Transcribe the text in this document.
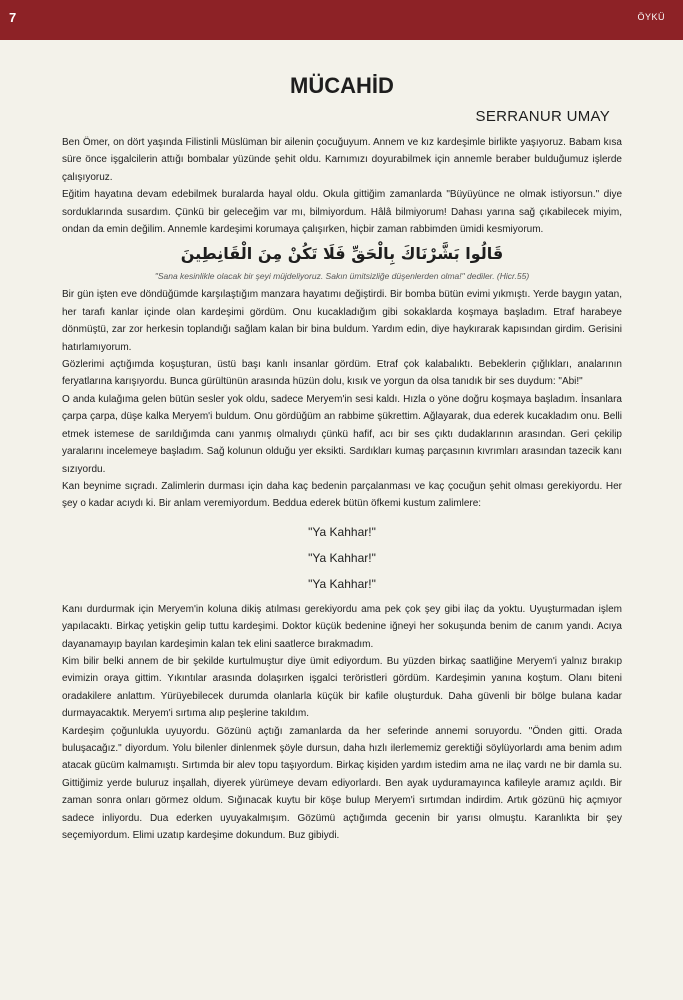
7	ÖYKÜ
MÜCAHİD
SERRANUR UMAY

Ben Ömer, on dört yaşında Filistinli Müslüman bir ailenin çocuğuyum. Annem ve kız kardeşimle birlikte yaşıyoruz. Babam kısa süre önce işgalcilerin attığı bombalar yüzünde şehit oldu. Karnımızı doyurabilmek için annemle beraber bulduğumuz işlerde çalışıyoruz.

Eğitim hayatına devam edebilmek buralarda hayal oldu. Okula gittiğim zamanlarda "Büyüyünce ne olmak istiyorsun." diye sorduklarında susardım. Çünkü bir geleceğim var mı, bilmiyordum. Hâlâ bilmiyorum! Dahası yarına sağ çıkabilecek miyim, ondan da emin değilim. Annemle kardeşimi korumaya çalışırken, hiçbir zaman rabbimden ümidi kesmiyorum.

قَالُوا بَشَّرْنَاكَ بِالْحَقِّ فَلَا تَكُنْ مِنَ الْقَانِطِينَ
"Sana kesinlikle olacak bir şeyi müjdeliyoruz. Sakın ümitsizliğe düşenlerden olma!" dediler. (Hicr.55)

Bir gün işten eve döndüğümde karşılaştığım manzara hayatımı değiştirdi. Bir bomba bütün evimi yıkmıştı. Yerde baygın yatan, her tarafı kanlar içinde olan kardeşimi gördüm. Onu kucakladığım gibi sokaklarda koşmaya başladım. Etraf harabeye dönmüştü, zar zor herkesin toplandığı sağlam kalan bir bina buldum. Yardım edin, diye haykırarak kapısından girdim. Gerisini hatırlamıyorum.

Gözlerimi açtığımda koşuşturan, üstü başı kanlı insanlar gördüm. Etraf çok kalabalıktı. Bebeklerin çığlıkları, analarının feryatlarına karışıyordu. Bunca gürültünün arasında hüzün dolu, kısık ve yorgun da olsa tanıdık bir ses duydum: "Abi!"

O anda kulağıma gelen bütün sesler yok oldu, sadece Meryem'in sesi kaldı. Hızla o yöne doğru koşmaya başladım. İnsanlara çarpa çarpa, düşe kalka Meryem'i buldum. Onu gördüğüm an rabbime şükrettim. Ağlayarak, dua ederek kucakladım onu. Belli etmek istemese de sarıldığımda canı yanmış olmalıydı çünkü hafif, acı bir ses çıktı dudaklarının arasından. Geri çekilip yaralarını incelemeye başladım. Sağ kolunun olduğu yer eksikti. Sardıkları kumaş parçasının kıvrımları arasından tazecik kanı sızıyordu.

Kan beynime sıçradı. Zalimlerin durması için daha kaç bedenin parçalanması ve kaç çocuğun şehit olması gerekiyordu. Her şey o kadar acıydı ki. Bir anlam veremiyordum. Beddua ederek bütün öfkemi kustum zalimlere:

"Ya Kahhar!"

"Ya Kahhar!"

"Ya Kahhar!"

Kanı durdurmak için Meryem'in koluna dikiş atılması gerekiyordu ama pek çok şey gibi ilaç da yoktu. Uyuşturmadan işlem yapılacaktı. Birkaç yetişkin gelip tuttu kardeşimi. Doktor küçük bedenine iğneyi her sokuşunda benim de canım yandı. Acıya dayanamayıp bayılan kardeşimin kalan tek elini saatlerce bırakmadım.

Kim bilir belki annem de bir şekilde kurtulmuştur diye ümit ediyordum. Bu yüzden birkaç saatliğine Meryem'i yalnız bırakıp evimizin oraya gittim. Yıkıntılar arasında dolaşırken işgalci teröristleri gördüm. Kardeşimin yanına koştum. Olanı biteni oradakilere anlattım. Yürüyebilecek durumda olanlarla küçük bir kafile oluşturduk. Daha güvenli bir bölge bulana kadar durmayacaktık. Meryem'i sırtıma alıp peşlerine takıldım.

Kardeşim çoğunlukla uyuyordu. Gözünü açtığı zamanlarda da her seferinde annemi soruyordu. "Önden gitti. Orada buluşacağız." diyordum. Yolu bilenler dinlenmek şöyle dursun, daha hızlı ilerlememiz gerektiği söylüyorlardı ama benim adım atacak gücüm kalmamıştı. Sırtımda bir alev topu taşıyordum. Birkaç kişiden yardım istedim ama ne ilaç vardı ne bir damla su. Gittiğimiz yerde buluruz inşallah, diyerek yürümeye devam ediyorlardı. Ben ayak uyduramayınca kafileyle aramız açıldı. Bir zaman sonra onları görmez oldum. Sığınacak kuytu bir köşe bulup Meryem'i sırtımdan indirdim. Artık gözünü hiç açmıyor sadece inliyordu. Dua ederken uyuyakalmışım. Gözümü açtığımda gecenin bir yarısı olmuştu. Karanlıkta bir şey seçemiyordum. Elimi uzatıp kardeşime dokundum. Buz gibiydi.
